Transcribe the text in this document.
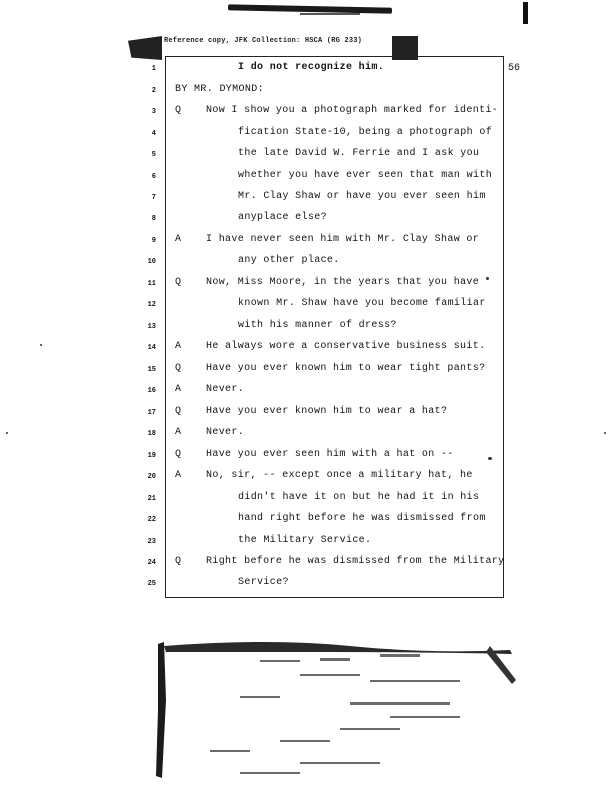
Reference copy, JFK Collection: HSCA (RG 233)
56
1	I do not recognize him.
2 BY MR. DYMOND:
3 Q Now I show you a photograph marked for identi-
4	fication State-10, being a photograph of
5	the late David W. Ferrie and I ask you
6	whether you have ever seen that man with
7	Mr. Clay Shaw or have you ever seen him
8	anyplace else?
9 A I have never seen him with Mr. Clay Shaw or
10	any other place.
11 Q Now, Miss Moore, in the years that you have
12	known Mr. Shaw have you become familiar
13	with his manner of dress?
14 A He always wore a conservative business suit.
15 Q Have you ever known him to wear tight pants?
16 A Never.
17 Q Have you ever known him to wear a hat?
18 A Never.
19 Q Have you ever seen him with a hat on --
20 A No, sir, -- except once a military hat, he
21	didn't have it on but he had it in his
22	hand right before he was dismissed from
23	the Military Service.
24 Q Right before he was dismissed from the Military
25	Service?
